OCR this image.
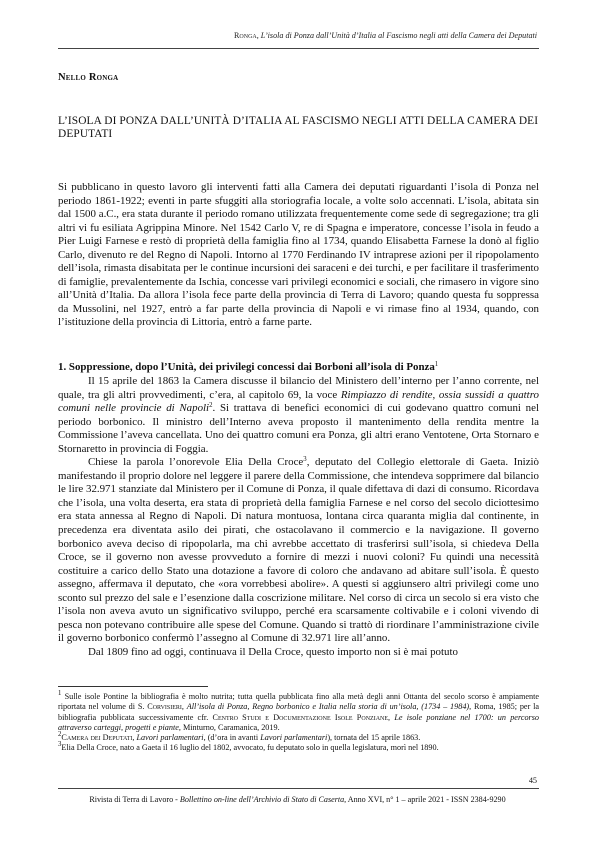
Ronga, L’isola di Ponza dall’Unità d’Italia al Fascismo negli atti della Camera dei Deputati
Nello Ronga
L’ISOLA DI PONZA DALL’UNITÀ D’ITALIA AL FASCISMO NEGLI ATTI DELLA CAMERA DEI DEPUTATI

Si pubblicano in questo lavoro gli interventi fatti alla Camera dei deputati riguardanti l’isola di Ponza nel periodo 1861-1922; eventi in parte sfuggiti alla storiografia locale, a volte solo accennati. L’isola, abitata sin dal 1500 a.C., era stata durante il periodo romano utilizzata frequentemente come sede di segregazione; tra gli altri vi fu esiliata Agrippina Minore. Nel 1542 Carlo V, re di Spagna e imperatore, concesse l’isola in feudo a Pier Luigi Farnese e restò di proprietà della famiglia fino al 1734, quando Elisabetta Farnese la donò al figlio Carlo, divenuto re del Regno di Napoli. Intorno al 1770 Ferdinando IV intraprese azioni per il ripopolamento dell’isola, rimasta disabitata per le continue incursioni dei saraceni e dei turchi, e per facilitare il trasferimento di famiglie, prevalentemente da Ischia, concesse vari privilegi economici e sociali, che rimasero in vigore sino all’Unità d’Italia. Da allora l’isola fece parte della provincia di Terra di Lavoro; quando questa fu soppressa da Mussolini, nel 1927, entrò a far parte della provincia di Napoli e vi rimase fino al 1934, quando, con l’istituzione della provincia di Littoria, entrò a farne parte.

1. Soppressione, dopo l’Unità, dei privilegi concessi dai Borboni all’isola di Ponza$^1$

Il 15 aprile del 1863 la Camera discusse il bilancio del Ministero dell’interno per l’anno corrente, nel quale, tra gli altri provvedimenti, c’era, al capitolo 69, la voce Rimpiazzo di rendite, ossia sussidi a quattro comuni nelle provincie di Napoli$^2$. Si trattava di benefici economici di cui godevano quattro comuni nel periodo borbonico. Il ministro dell’Interno aveva proposto il mantenimento della rendita mentre la Commissione l’aveva cancellata. Uno dei quattro comuni era Ponza, gli altri erano Ventotene, Orta Stornaro e Stornaretto in provincia di Foggia.

Chiese la parola l’onorevole Elia Della Croce$^3$, deputato del Collegio elettorale di Gaeta. Iniziò manifestando il proprio dolore nel leggere il parere della Commissione, che intendeva sopprimere dal bilancio le lire 32.971 stanziate dal Ministero per il Comune di Ponza, il quale difettava di dazi di consumo. Ricordava che l’isola, una volta deserta, era stata di proprietà della famiglia Farnese e nel corso del secolo diciottesimo era stata annessa al Regno di Napoli. Di natura montuosa, lontana circa quaranta miglia dal continente, in precedenza era diventata asilo dei pirati, che ostacolavano il commercio e la navigazione. Il governo borbonico aveva deciso di ripopolarla, ma chi avrebbe accettato di trasferirsi sull’isola, si chiedeva Della Croce, se il governo non avesse provveduto a fornire di mezzi i nuovi coloni? Fu quindi una necessità costituire a carico dello Stato una dotazione a favore di coloro che andavano ad abitare sull’isola. È questo assegno, affermava il deputato, che «ora vorrebbesi abolire». A questi si aggiunsero altri privilegi come uno sconto sul prezzo del sale e l’esenzione dalla coscrizione militare. Nel corso di circa un secolo si era visto che l’isola non aveva avuto un significativo sviluppo, perché era scarsamente coltivabile e i coloni vivendo di pesca non potevano contribuire alle spese del Comune. Quando si trattò di riordinare l’amministrazione civile il governo borbonico confermò l’assegno al Comune di 32.971 lire all’anno.

Dal 1809 fino ad oggi, continuava il Della Croce, questo importo non si è mai potuto

$^1$ Sulle isole Pontine la bibliografia è molto nutrita; tutta quella pubblicata fino alla metà degli anni Ottanta del secolo scorso è ampiamente riportata nel volume di S. Corvisieri, All’isola di Ponza, Regno borbonico e Italia nella storia di un’isola, (1734 – 1984), Roma, 1985; per la bibliografia pubblicata successivamente cfr. Centro Studi e Documentazione Isole Ponziane, Le isole ponziane nel 1700: un percorso attraverso carteggi, progetti e piante, Minturno, Caramanica, 2019.

$^2$Camera dei Deputati, Lavori parlamentari, (d’ora in avanti Lavori parlamentari), tornata del 15 aprile 1863.

$^3$Elia Della Croce, nato a Gaeta il 16 luglio del 1802, avvocato, fu deputato solo in quella legislatura, morì nel 1890.

45
Rivista di Terra di Lavoro - Bollettino on-line dell’Archivio di Stato di Caserta, Anno XVI, n° 1 – aprile 2021 - ISSN 2384-9290
